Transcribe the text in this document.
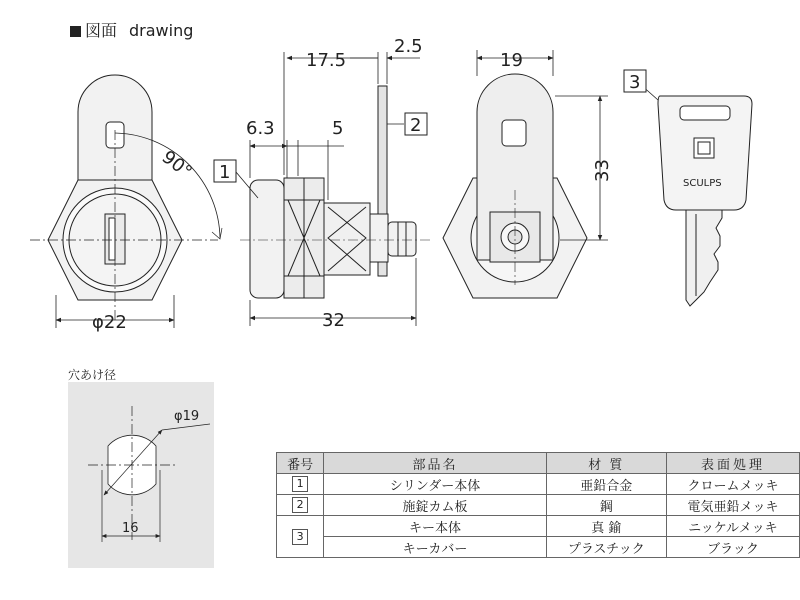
図面 drawing
17.5
2.5
19
6.3	5
90°	33
φ22	32
1
2
3
SCULPS
φ19
16
穴あけ径
番号	部品名	材 質	表面処理
1	シリンダー本体	亜鉛合金	クロームメッキ
2	施錠カム板	鋼	電気亜鉛メッキ
3	キー本体	真 鍮	ニッケルメッキ
	キーカバー	プラスチック	ブラック
